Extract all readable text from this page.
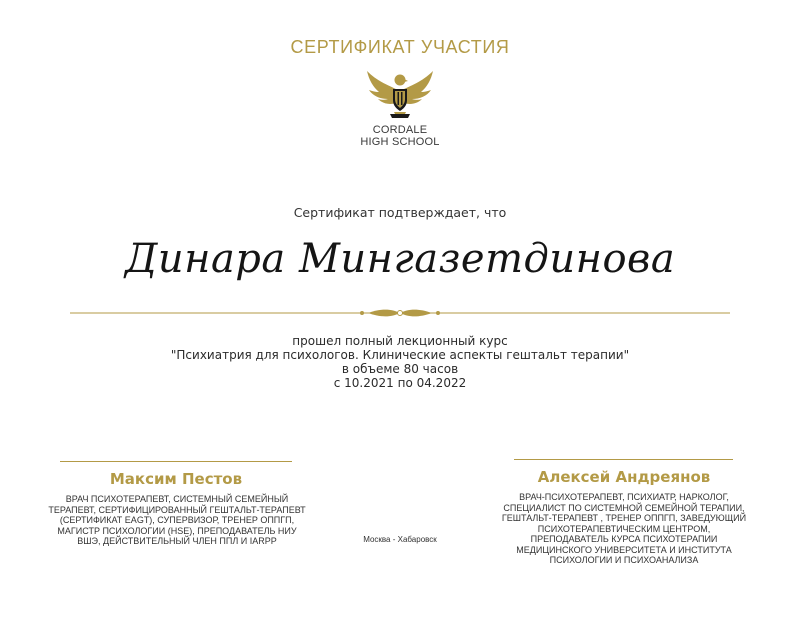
СЕРТИФИКАТ УЧАСТИЯ
CORDALE
HIGH SCHOOL
Сертификат подтверждает, что
Динара Мингазетдинова
прошел полный лекционный курс
"Психиатрия для психологов. Клинические аспекты гештальт терапии"
в объеме 80 часов
с 10.2021 по 04.2022
Максим Пестов
ВРАЧ ПСИХОТЕРАПЕВТ, СИСТЕМНЫЙ СЕМЕЙНЫЙ
ТЕРАПЕВТ, СЕРТИФИЦИРОВАННЫЙ ГЕШТАЛЬТ-ТЕРАПЕВТ
(СЕРТИФИКАТ EAGT), СУПЕРВИЗОР, ТРЕНЕР ОППГП,
МАГИСТР ПСИХОЛОГИИ (HSE), ПРЕПОДАВАТЕЛЬ НИУ
ВШЭ, ДЕЙСТВИТЕЛЬНЫЙ ЧЛЕН ППЛ И IARPP	Москва - Хабаровск
Алексей Андреянов
ВРАЧ-ПСИХОТЕРАПЕВТ, ПСИХИАТР, НАРКОЛОГ,
СПЕЦИАЛИСТ ПО СИСТЕМНОЙ СЕМЕЙНОЙ ТЕРАПИИ,
ГЕШТАЛЬТ-ТЕРАПЕВТ , ТРЕНЕР ОППГП, ЗАВЕДУЮЩИЙ
ПСИХОТЕРАПЕВТИЧЕСКИМ ЦЕНТРОМ,
ПРЕПОДАВАТЕЛЬ КУРСА ПСИХОТЕРАПИИ
МЕДИЦИНСКОГО УНИВЕРСИТЕТА И ИНСТИТУТА
ПСИХОЛОГИИ И ПСИХОАНАЛИЗА
